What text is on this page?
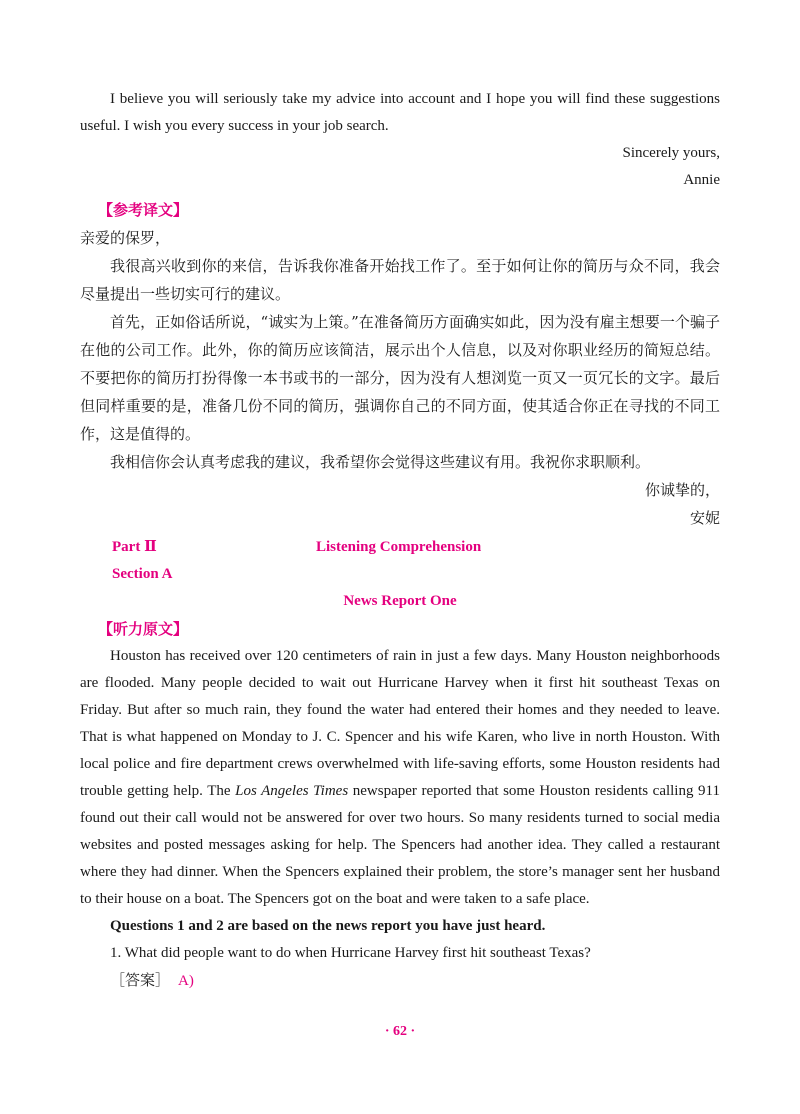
I believe you will seriously take my advice into account and I hope you will find these suggestions useful. I wish you every success in your job search.

Sincerely yours,

Annie

【参考译文】

亲爱的保罗，

我很高兴收到你的来信，告诉我你准备开始找工作了。至于如何让你的简历与众不同，我会尽量提出一些切实可行的建议。

首先，正如俗话所说，“诚实为上策。”在准备简历方面确实如此，因为没有雇主想要一个骗子在他的公司工作。此外，你的简历应该简洁，展示出个人信息，以及对你职业经历的简短总结。不要把你的简历打扮得像一本书或书的一部分，因为没有人想浏览一页又一页冗长的文字。最后但同样重要的是，准备几份不同的简历，强调你自己的不同方面，使其适合你正在寻找的不同工作，这是值得的。

我相信你会认真考虑我的建议，我希望你会觉得这些建议有用。我祝你求职顺利。

你诚挚的，

安妮

Part Ⅱ	Listening Comprehension
Section A
News Report One

【听力原文】

Houston has received over 120 centimeters of rain in just a few days. Many Houston neighborhoods are flooded. Many people decided to wait out Hurricane Harvey when it first hit southeast Texas on Friday. But after so much rain, they found the water had entered their homes and they needed to leave. That is what happened on Monday to J. C. Spencer and his wife Karen, who live in north Houston. With local police and fire department crews overwhelmed with life-saving efforts, some Houston residents had trouble getting help. The Los Angeles Times newspaper reported that some Houston residents calling 911 found out their call would not be answered for over two hours. So many residents turned to social media websites and posted messages asking for help. The Spencers had another idea. They called a restaurant where they had dinner. When the Spencers explained their problem, the store’s manager sent her husband to their house on a boat. The Spencers got on the boat and were taken to a safe place.

Questions 1 and 2 are based on the news report you have just heard.

1. What did people want to do when Hurricane Harvey first hit southeast Texas?

［答案］ A)

· 62 ·
